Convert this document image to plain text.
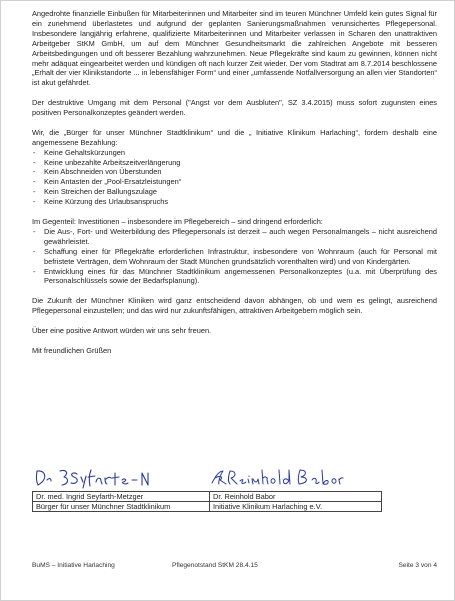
Angedrohte finanzielle Einbußen für Mitarbeiterinnen und Mitarbeiter sind im teuren Münchner Umfeld kein gutes Signal für ein zunehmend überlastetes und aufgrund der geplanten Sanierungsmaßnahmen verunsichertes Pflegepersonal. Insbesondere langjährig erfahrene, qualifizierte Mitarbeiterinnen und Mitarbeiter verlassen in Scharen den unattraktiven Arbeitgeber StKM GmbH, um auf dem Münchner Gesundheitsmarkt die zahlreichen Angebote mit besseren Arbeitsbedingungen und oft besserer Bezahlung wahrzunehmen. Neue Pflegekräfte sind kaum zu gewinnen, können nicht mehr adäquat eingearbeitet werden und kündigen oft nach kurzer Zeit wieder. Der vom Stadtrat am 8.7.2014 beschlossene „Erhalt der vier Klinikstandorte ... in lebensfähiger Form“ und einer „umfassende Notfallversorgung an allen vier Standorten“ ist akut gefährdet.

Der destruktive Umgang mit dem Personal ("Angst vor dem Ausbluten", SZ 3.4.2015) muss sofort zugunsten eines positiven Personalkonzeptes geändert werden.

Wir, die „Bürger für unser Münchner Stadtklinikum“ und die „ Initiative Klinikum Harlaching“, fordern deshalb eine angemessene Bezahlung:

- Keine Gehaltskürzungen
- Keine unbezahlte Arbeitszeitverlängerung
- Kein Abschneiden von Überstunden
- Kein Antasten der „Pool-Ersatzleistungen“
- Kein Streichen der Ballungszulage
- Keine Kürzung des Urlaubsanspruchs

Im Gegenteil: Investitionen – insbesondere im Pflegebereich – sind dringend erforderlich:

- Die Aus-, Fort- und Weiterbildung des Pflegepersonals ist derzeit – auch wegen Personalmangels – nicht ausreichend gewährleistet.
- Schaffung einer für Pflegekräfte erforderlichen Infrastruktur, insbesondere von Wohnraum (auch für Personal mit befristete Verträgen, dem Wohnraum der Stadt München grundsätzlich vorenthalten wird) und von Kindergärten.
- Entwicklung eines für das Münchner Stadtklinikum angemessenen Personalkonzeptes (u.a. mit Überprüfung des Personalschlüssels sowie der Bedarfsplanung).

Die Zukunft der Münchner Kliniken wird ganz entscheidend davon abhängen, ob und wem es gelingt, ausreichend Pflegepersonal einzustellen; und das wird nur zukunftsfähigen, attraktiven Arbeitgebern möglich sein.

Über eine positive Antwort würden wir uns sehr freuen.

Mit freundlichen Grüßen

Dr. med. Ingrid Seyfarth-Metzger	Dr. Reinhold Babor
Bürger für unser Münchner Stadtklinikum	Initiative Klinikum Harlaching e.V.
BuMS – Initiative Harlaching	Pflegenotstand StKM 28.4.15	Seite 3 von 4
